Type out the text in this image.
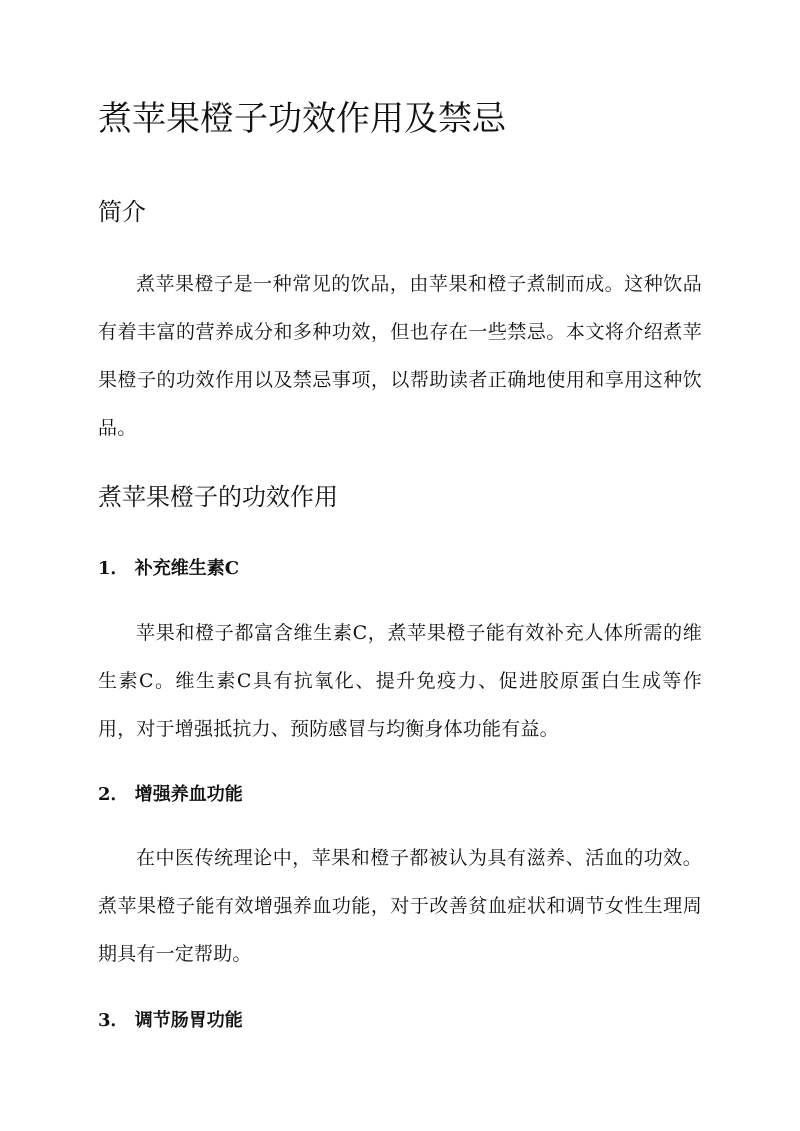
煮苹果橙子功效作用及禁忌
简介

煮苹果橙子是一种常见的饮品，由苹果和橙子煮制而成。这种饮品有着丰富的营养成分和多种功效，但也存在一些禁忌。本文将介绍煮苹果橙子的功效作用以及禁忌事项，以帮助读者正确地使用和享用这种饮品。

煮苹果橙子的功效作用
1． 补充维生素C

苹果和橙子都富含维生素C，煮苹果橙子能有效补充人体所需的维生素C。维生素C具有抗氧化、提升免疫力、促进胶原蛋白生成等作用，对于增强抵抗力、预防感冒与均衡身体功能有益。

2． 增强养血功能

在中医传统理论中，苹果和橙子都被认为具有滋养、活血的功效。煮苹果橙子能有效增强养血功能，对于改善贫血症状和调节女性生理周期具有一定帮助。

3． 调节肠胃功能
